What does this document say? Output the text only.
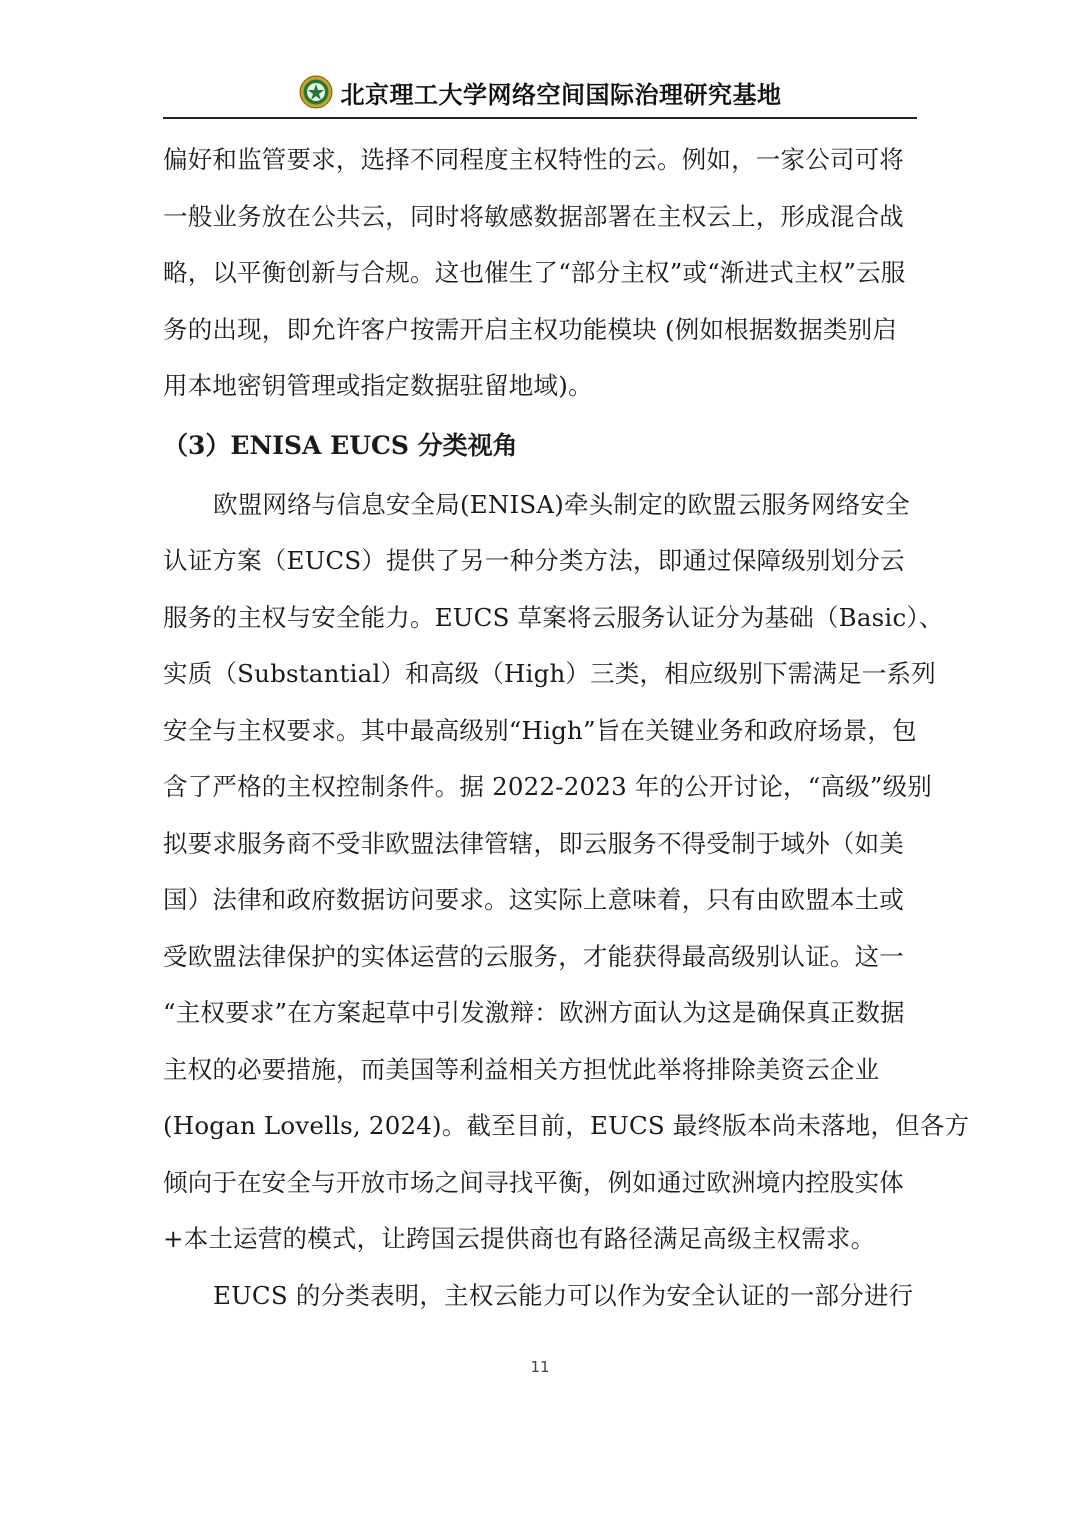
北京理工大学网络空间国际治理研究基地
偏好和监管要求，选择不同程度主权特性的云。例如，一家公司可将
一般业务放在公共云，同时将敏感数据部署在主权云上，形成混合战
略，以平衡创新与合规。这也催生了“部分主权”或“渐进式主权”云服
务的出现，即允许客户按需开启主权功能模块 (例如根据数据类别启
用本地密钥管理或指定数据驻留地域)。
（3）ENISA EUCS 分类视角
欧盟网络与信息安全局(ENISA)牵头制定的欧盟云服务网络安全
认证方案（EUCS）提供了另一种分类方法，即通过保障级别划分云
服务的主权与安全能力。EUCS 草案将云服务认证分为基础（Basic）、
实质（Substantial）和高级（High）三类，相应级别下需满足一系列
安全与主权要求。其中最高级别“High”旨在关键业务和政府场景，包
含了严格的主权控制条件。据 2022-2023 年的公开讨论，“高级”级别
拟要求服务商不受非欧盟法律管辖，即云服务不得受制于域外（如美
国）法律和政府数据访问要求。这实际上意味着，只有由欧盟本土或
受欧盟法律保护的实体运营的云服务，才能获得最高级别认证。这一
“主权要求”在方案起草中引发激辩：欧洲方面认为这是确保真正数据
主权的必要措施，而美国等利益相关方担忧此举将排除美资云企业
(Hogan Lovells, 2024)。截至目前，EUCS 最终版本尚未落地，但各方
倾向于在安全与开放市场之间寻找平衡，例如通过欧洲境内控股实体
+本土运营的模式，让跨国云提供商也有路径满足高级主权需求。
EUCS 的分类表明，主权云能力可以作为安全认证的一部分进行
11
